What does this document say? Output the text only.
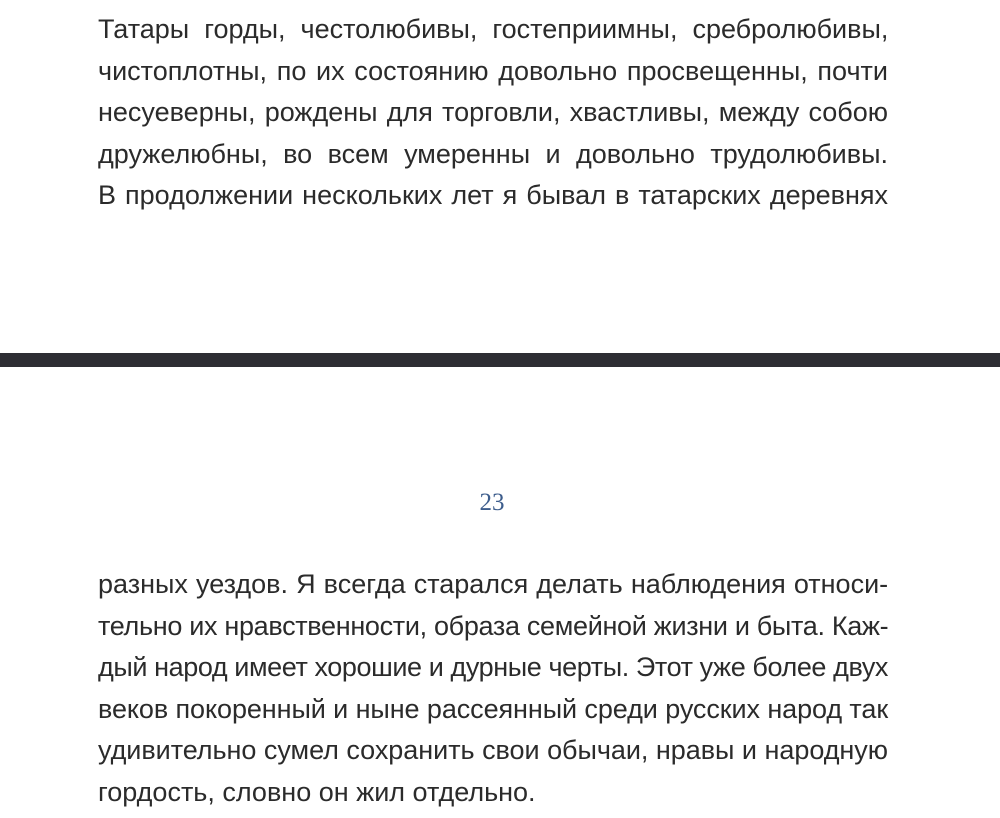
Татары горды, честолюбивы, гостеприимны, сребролюбивы,
чистоплотны, по их состоянию довольно просвещенны, почти
несуеверны, рождены для торговли, хвастливы, между собою
дружелюбны, во всем умеренны и довольно трудолюбивы.
В продолжении нескольких лет я бывал в татарских деревнях
23
разных уездов. Я всегда старался делать наблюдения относи-
тельно их нравственности, образа семейной жизни и быта. Каж-
дый народ имеет хорошие и дурные черты. Этот уже более двух
веков покоренный и ныне рассеянный среди русских народ так
удивительно сумел сохранить свои обычаи, нравы и народную
гордость, словно он жил отдельно.
